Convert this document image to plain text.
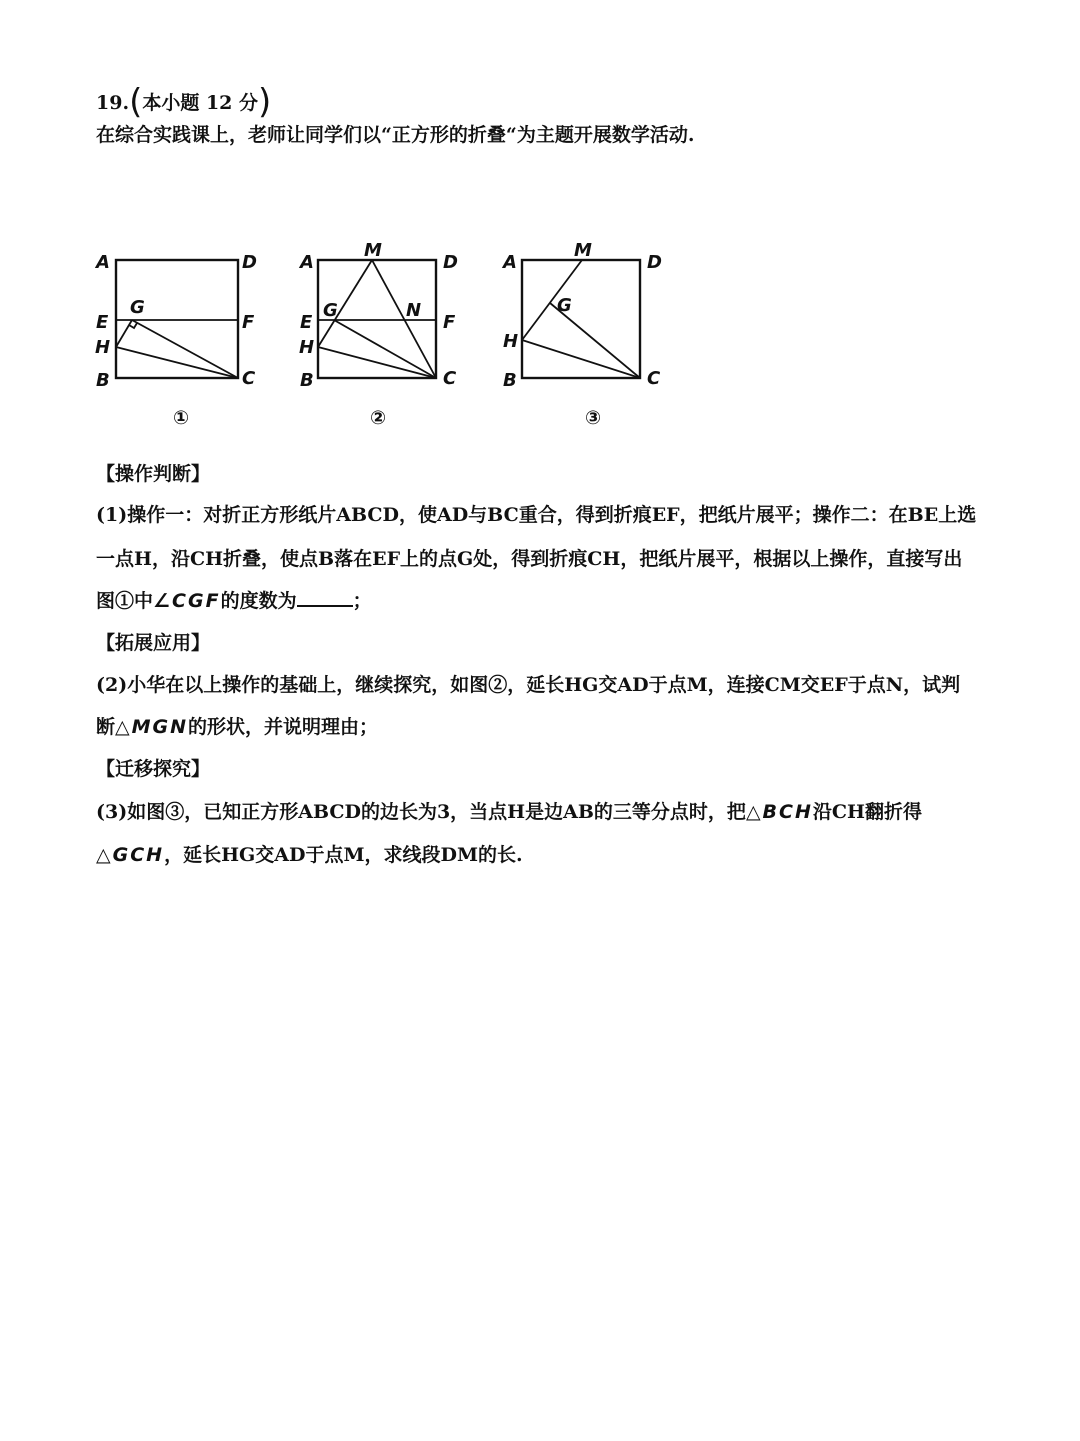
19.(本小题 12 分)
在综合实践课上，老师让同学们以“正方形的折叠“为主题开展数学活动.
A	D
E	F
G
H
B	C
①
A
M
D
E
G	N
F
H
B	C
②
A
M
D
G
H
B	C
③
【操作判断】
(1)操作一：对折正方形纸片ABCD，使AD与BC重合，得到折痕EF，把纸片展平；操作二：在BE上选
一点H，沿CH折叠，使点B落在EF上的点G处，得到折痕CH，把纸片展平，根据以上操作，直接写出
图①中∠CGF的度数为	；
【拓展应用】
(2)小华在以上操作的基础上，继续探究，如图②，延长HG交AD于点M，连接CM交EF于点N，试判
断△MGN的形状，并说明理由；
【迁移探究】
(3)如图③，已知正方形ABCD的边长为3，当点H是边AB的三等分点时，把△BCH沿CH翻折得
△GCH，延长HG交AD于点M，求线段DM的长.
